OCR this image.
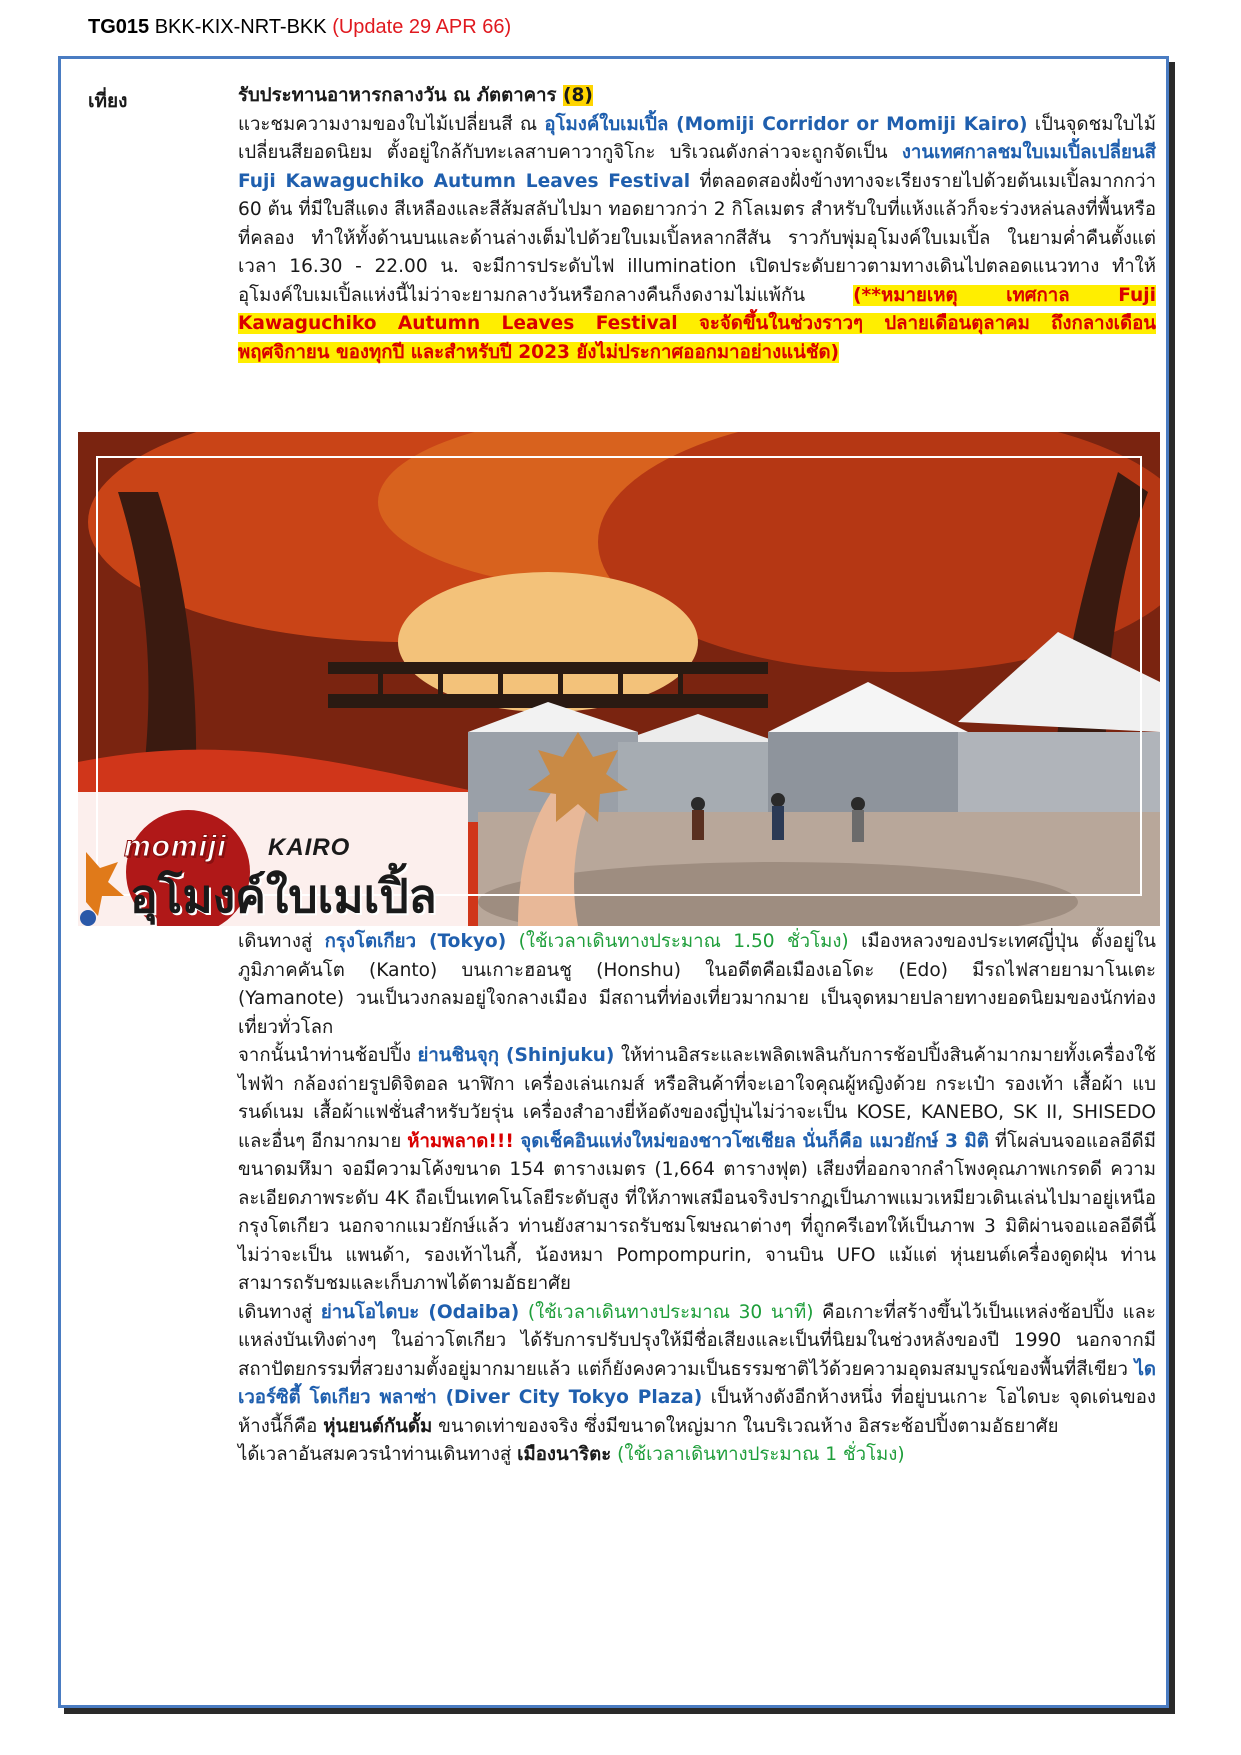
TG015 BKK-KIX-NRT-BKK (Update 29 APR 66)
เที่ยง	รับประทานอาหารกลางวัน ณ ภัตตาคาร (8)

แวะชมความงามของใบไม้เปลี่ยนสี ณ อุโมงค์ใบเมเปิ้ล (Momiji Corridor or Momiji Kairo) เป็นจุดชมใบไม้เปลี่ยนสียอดนิยม ตั้งอยู่ใกล้กับทะเลสาบคาวากูจิโกะ บริเวณดังกล่าวจะถูกจัดเป็น งานเทศกาลชมใบเมเปิ้ลเปลี่ยนสี Fuji Kawaguchiko Autumn Leaves Festival ที่ตลอดสองฝั่งข้างทางจะเรียงรายไปด้วยต้นเมเปิ้ลมากกว่า 60 ต้น ที่มีใบสีแดง สีเหลืองและสีส้มสลับไปมา ทอดยาวกว่า 2 กิโลเมตร สำหรับใบที่แห้งแล้วก็จะร่วงหล่นลงที่พื้นหรือที่คลอง ทำให้ทั้งด้านบนและด้านล่างเต็มไปด้วยใบเมเปิ้ลหลากสีสัน ราวกับพุ่มอุโมงค์ใบเมเปิ้ล ในยามค่ำคืนตั้งแต่เวลา 16.30 - 22.00 น. จะมีการประดับไฟ illumination เปิดประดับยาวตามทางเดินไปตลอดแนวทาง ทำให้อุโมงค์ใบเมเปิ้ลแห่งนี้ไม่ว่าจะยามกลางวันหรือกลางคืนก็งดงามไม่แพ้กัน (**หมายเหตุ เทศกาล Fuji Kawaguchiko Autumn Leaves Festival จะจัดขึ้นในช่วงราวๆ ปลายเดือนตุลาคม ถึงกลางเดือน พฤศจิกายน ของทุกปี และสำหรับปี 2023 ยังไม่ประกาศออกมาอย่างแน่ชัด)

momiji KAIRO
อุโมงค์ใบเมเปิ้ล

เดินทางสู่ กรุงโตเกียว (Tokyo) (ใช้เวลาเดินทางประมาณ 1.50 ชั่วโมง) เมืองหลวงของประเทศญี่ปุ่น ตั้งอยู่ในภูมิภาคคันโต (Kanto) บนเกาะฮอนชู (Honshu) ในอดีตคือเมืองเอโดะ (Edo) มีรถไฟสายยามาโนเตะ (Yamanote) วนเป็นวงกลมอยู่ใจกลางเมือง มีสถานที่ท่องเที่ยวมากมาย เป็นจุดหมายปลายทางยอดนิยมของนักท่องเที่ยวทั่วโลก

จากนั้นนำท่านช้อปปิ้ง ย่านชินจุกุ (Shinjuku) ให้ท่านอิสระและเพลิดเพลินกับการช้อปปิ้งสินค้ามากมายทั้งเครื่องใช้ไฟฟ้า กล้องถ่ายรูปดิจิตอล นาฬิกา เครื่องเล่นเกมส์ หรือสินค้าที่จะเอาใจคุณผู้หญิงด้วย กระเป๋า รองเท้า เสื้อผ้า แบรนด์เนม เสื้อผ้าแฟชั่นสำหรับวัยรุ่น เครื่องสำอางยี่ห้อดังของญี่ปุ่นไม่ว่าจะเป็น KOSE, KANEBO, SK II, SHISEDO และอื่นๆ อีกมากมาย ห้ามพลาด!!! จุดเช็คอินแห่งใหม่ของชาวโซเชียล นั่นก็คือ แมวยักษ์ 3 มิติ ที่โผล่บนจอแอลอีดีมีขนาดมหึมา จอมีความโค้งขนาด 154 ตารางเมตร (1,664 ตารางฟุต) เสียงที่ออกจากลำโพงคุณภาพเกรดดี ความละเอียดภาพระดับ 4K ถือเป็นเทคโนโลยีระดับสูง ที่ให้ภาพเสมือนจริงปรากฏเป็นภาพแมวเหมียวเดินเล่นไปมาอยู่เหนือกรุงโตเกียว นอกจากแมวยักษ์แล้ว ท่านยังสามารถรับชมโฆษณาต่างๆ ที่ถูกครีเอทให้เป็นภาพ 3 มิติผ่านจอแอลอีดีนี้ ไม่ว่าจะเป็น แพนด้า, รองเท้าไนกี้, น้องหมา Pompompurin, จานบิน UFO แม้แต่ หุ่นยนต์เครื่องดูดฝุ่น ท่านสามารถรับชมและเก็บภาพได้ตามอัธยาศัย

เดินทางสู่ ย่านโอไดบะ (Odaiba) (ใช้เวลาเดินทางประมาณ 30 นาที) คือเกาะที่สร้างขึ้นไว้เป็นแหล่งช้อปปิ้ง และแหล่งบันเทิงต่างๆ ในอ่าวโตเกียว ได้รับการปรับปรุงให้มีชื่อเสียงและเป็นที่นิยมในช่วงหลังของปี 1990 นอกจากมีสถาปัตยกรรมที่สวยงามตั้งอยู่มากมายแล้ว แต่ก็ยังคงความเป็นธรรมชาติไว้ด้วยความอุดมสมบูรณ์ของพื้นที่สีเขียว ไดเวอร์ซิตี้ โตเกียว พลาซ่า (Diver City Tokyo Plaza) เป็นห้างดังอีกห้างหนึ่ง ที่อยู่บนเกาะ โอไดบะ จุดเด่นของห้างนี้ก็คือ หุ่นยนต์กันดั้ม ขนาดเท่าของจริง ซึ่งมีขนาดใหญ่มาก ในบริเวณห้าง อิสระช้อปปิ้งตามอัธยาศัย

ได้เวลาอันสมควรนำท่านเดินทางสู่ เมืองนาริตะ (ใช้เวลาเดินทางประมาณ 1 ชั่วโมง)
